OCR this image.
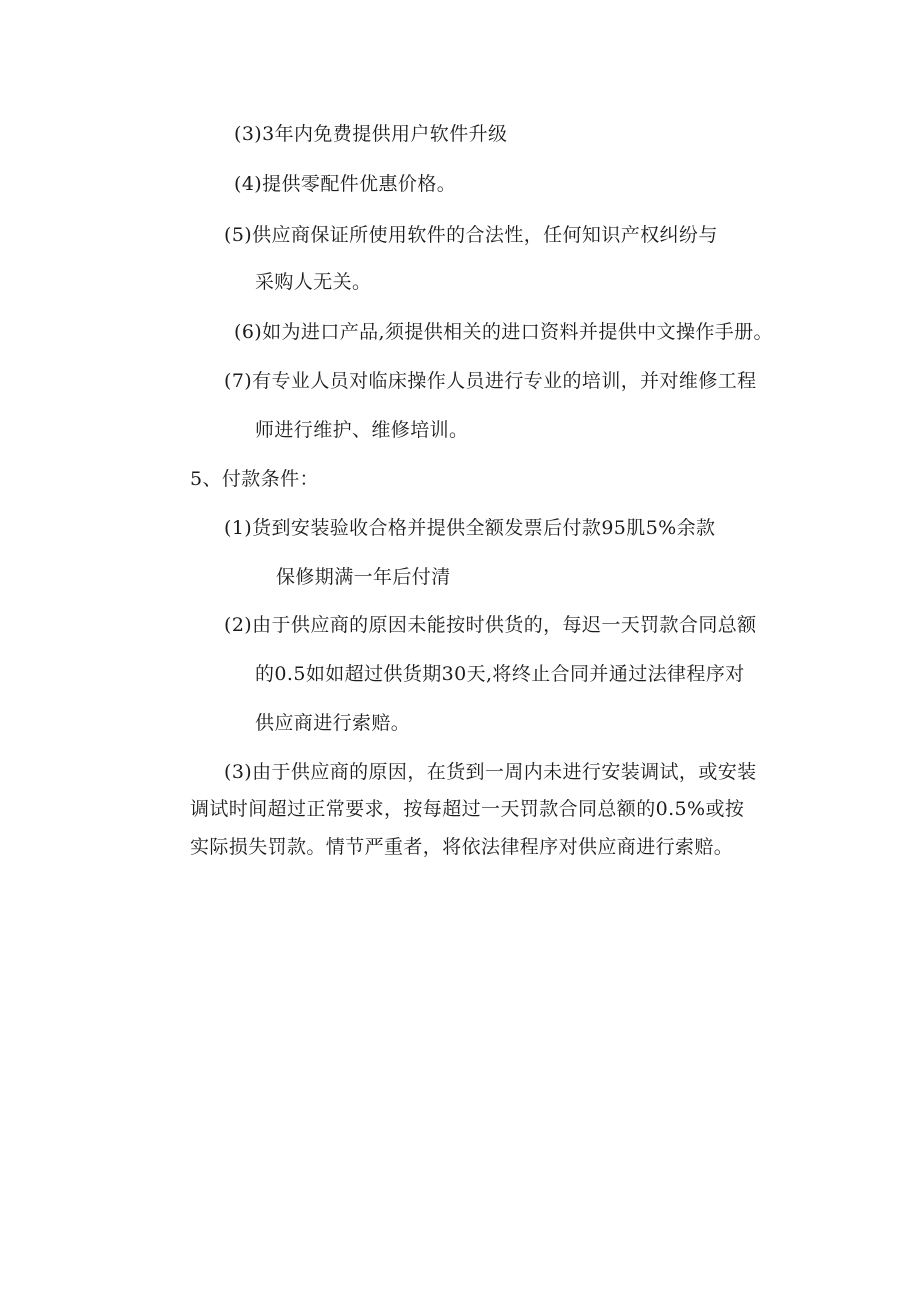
(3)3年内免费提供用户软件升级
(4)提供零配件优惠价格。
(5)供应商保证所使用软件的合法性，任何知识产权纠纷与
采购人无关。
(6)如为进口产品,须提供相关的进口资料并提供中文操作手册。
(7)有专业人员对临床操作人员进行专业的培训，并对维修工程
师进行维护、维修培训。
5、付款条件：
(1)货到安装验收合格并提供全额发票后付款95肌5%余款
保修期满一年后付清
(2)由于供应商的原因未能按时供货的，每迟一天罚款合同总额
的0.5如如超过供货期30天,将终止合同并通过法律程序对
供应商进行索赔。
(3)由于供应商的原因，在货到一周内未进行安装调试，或安装
调试时间超过正常要求，按每超过一天罚款合同总额的0.5%或按
实际损失罚款。情节严重者，将依法律程序对供应商进行索赔。
